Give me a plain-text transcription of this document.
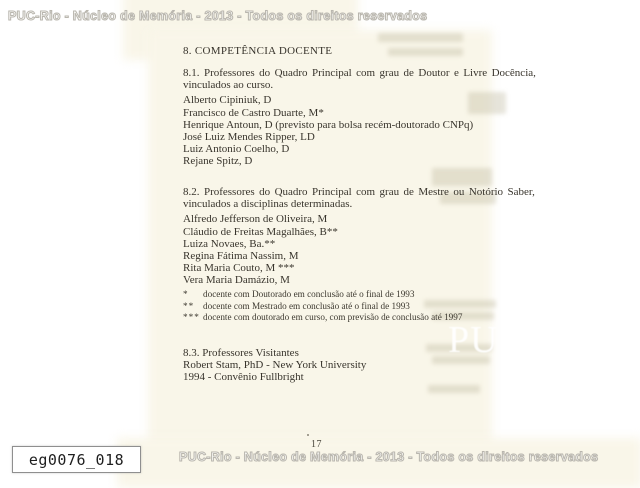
PUC
PUC-Rio - Núcleo de Memória - 2013 - Todos os direitos reservados
8. COMPETÊNCIA DOCENTE
8.1. Professores do Quadro Principal com grau de Doutor e Livre Docência,
vinculados ao curso.
Alberto Cipiniuk, D
Francisco de Castro Duarte, M*
Henrique Antoun, D (previsto para bolsa recém-doutorado CNPq)
José Luiz Mendes Ripper, LD
Luiz Antonio Coelho, D
Rejane Spitz, D
8.2. Professores do Quadro Principal com grau de Mestre ou Notório Saber,
vinculados a disciplinas determinadas.
Alfredo Jefferson de Oliveira, M
Cláudio de Freitas Magalhães, B**
Luiza Novaes, Ba.**
Regina Fátima Nassim, M
Rita Maria Couto, M ***
Vera Maria Damázio, M
*	docente com Doutorado em conclusão até o final de 1993
** docente com Mestrado em conclusão até o final de 1993
*** docente com doutorado em curso, com previsão de conclusão até 1997
8.3. Professores Visitantes
Robert Stam, PhD - New York University
1994 - Convênio Fullbright
17
PUC-Rio - Núcleo de Memória - 2013 - Todos os direitos reservados
eg0076_018
